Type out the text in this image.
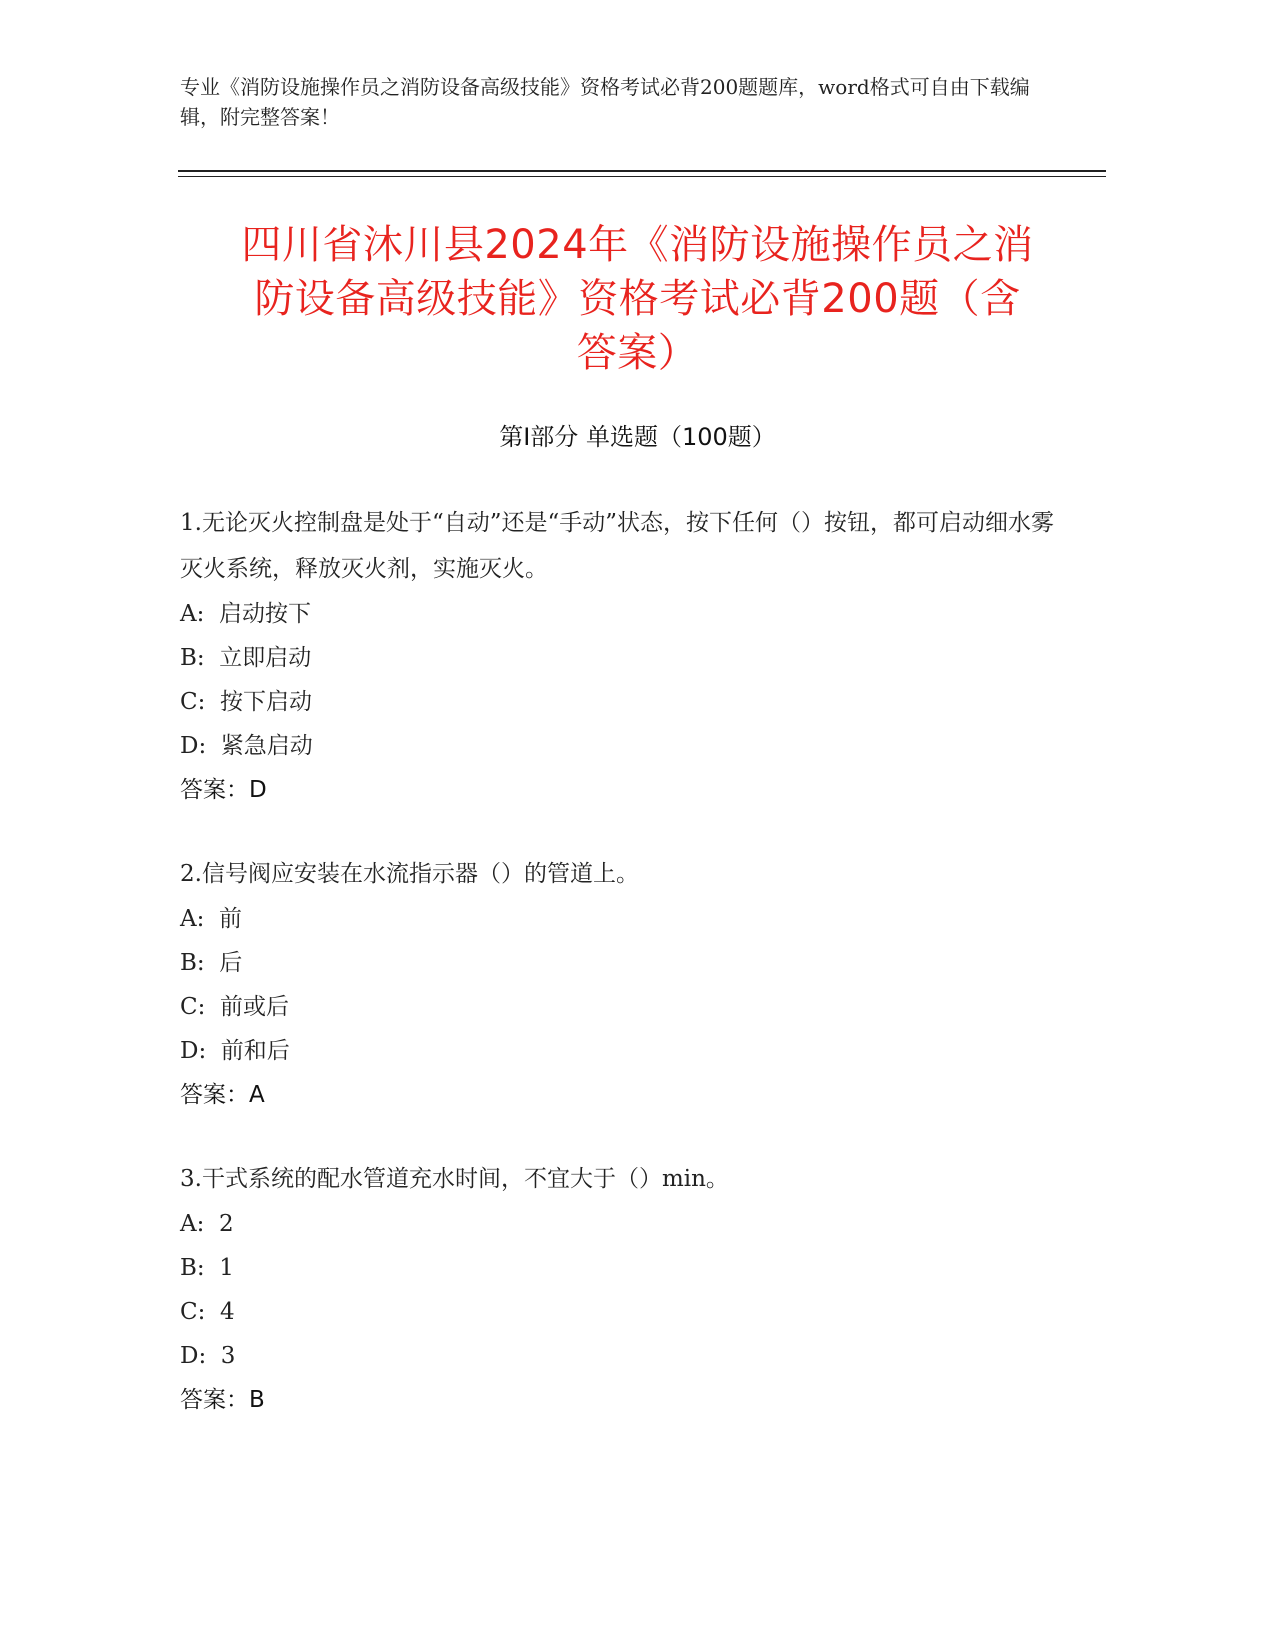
专业《消防设施操作员之消防设备高级技能》资格考试必背200题题库，word格式可自由下载编辑，附完整答案！
四川省沐川县2024年《消防设施操作员之消
防设备高级技能》资格考试必背200题（含
答案）
第Ⅰ部分 单选题（100题）

1.无论灭火控制盘是处于“自动”还是“手动”状态，按下任何（）按钮，都可启动细水雾灭火系统，释放灭火剂，实施灭火。

A:  启动按下

B:  立即启动

C:  按下启动

D:  紧急启动

答案：D

2.信号阀应安装在水流指示器（）的管道上。

A:  前

B:  后

C:  前或后

D:  前和后

答案：A

3.干式系统的配水管道充水时间，不宜大于（）min。

A:  2

B:  1

C:  4

D:  3

答案：B
